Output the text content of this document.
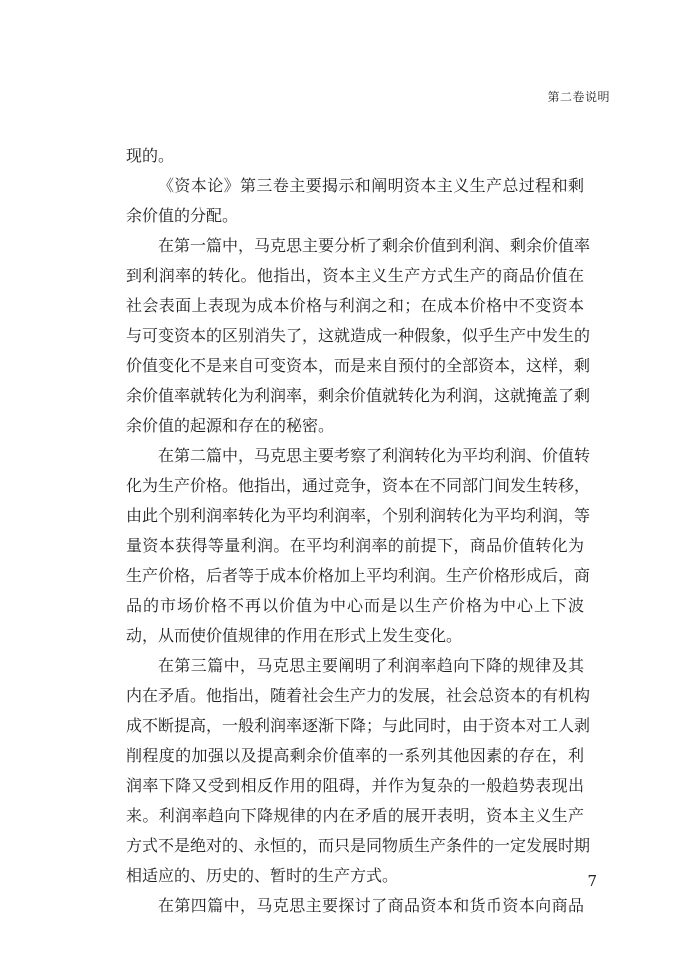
第二卷说明
现的。
《资本论》第三卷主要揭示和阐明资本主义生产总过程和剩
余价值的分配。
在第一篇中，马克思主要分析了剩余价值到利润、剩余价值率
到利润率的转化。他指出，资本主义生产方式生产的商品价值在
社会表面上表现为成本价格与利润之和；在成本价格中不变资本
与可变资本的区别消失了，这就造成一种假象，似乎生产中发生的
价值变化不是来自可变资本，而是来自预付的全部资本，这样，剩
余价值率就转化为利润率，剩余价值就转化为利润，这就掩盖了剩
余价值的起源和存在的秘密。
在第二篇中，马克思主要考察了利润转化为平均利润、价值转
化为生产价格。他指出，通过竞争，资本在不同部门间发生转移，
由此个别利润率转化为平均利润率，个别利润转化为平均利润，等
量资本获得等量利润。在平均利润率的前提下，商品价值转化为
生产价格，后者等于成本价格加上平均利润。生产价格形成后，商
品的市场价格不再以价值为中心而是以生产价格为中心上下波
动，从而使价值规律的作用在形式上发生变化。
在第三篇中，马克思主要阐明了利润率趋向下降的规律及其
内在矛盾。他指出，随着社会生产力的发展，社会总资本的有机构
成不断提高，一般利润率逐渐下降；与此同时，由于资本对工人剥
削程度的加强以及提高剩余价值率的一系列其他因素的存在，利
润率下降又受到相反作用的阻碍，并作为复杂的一般趋势表现出
来。利润率趋向下降规律的内在矛盾的展开表明，资本主义生产
方式不是绝对的、永恒的，而只是同物质生产条件的一定发展时期
相适应的、历史的、暂时的生产方式。
在第四篇中，马克思主要探讨了商品资本和货币资本向商品
7
